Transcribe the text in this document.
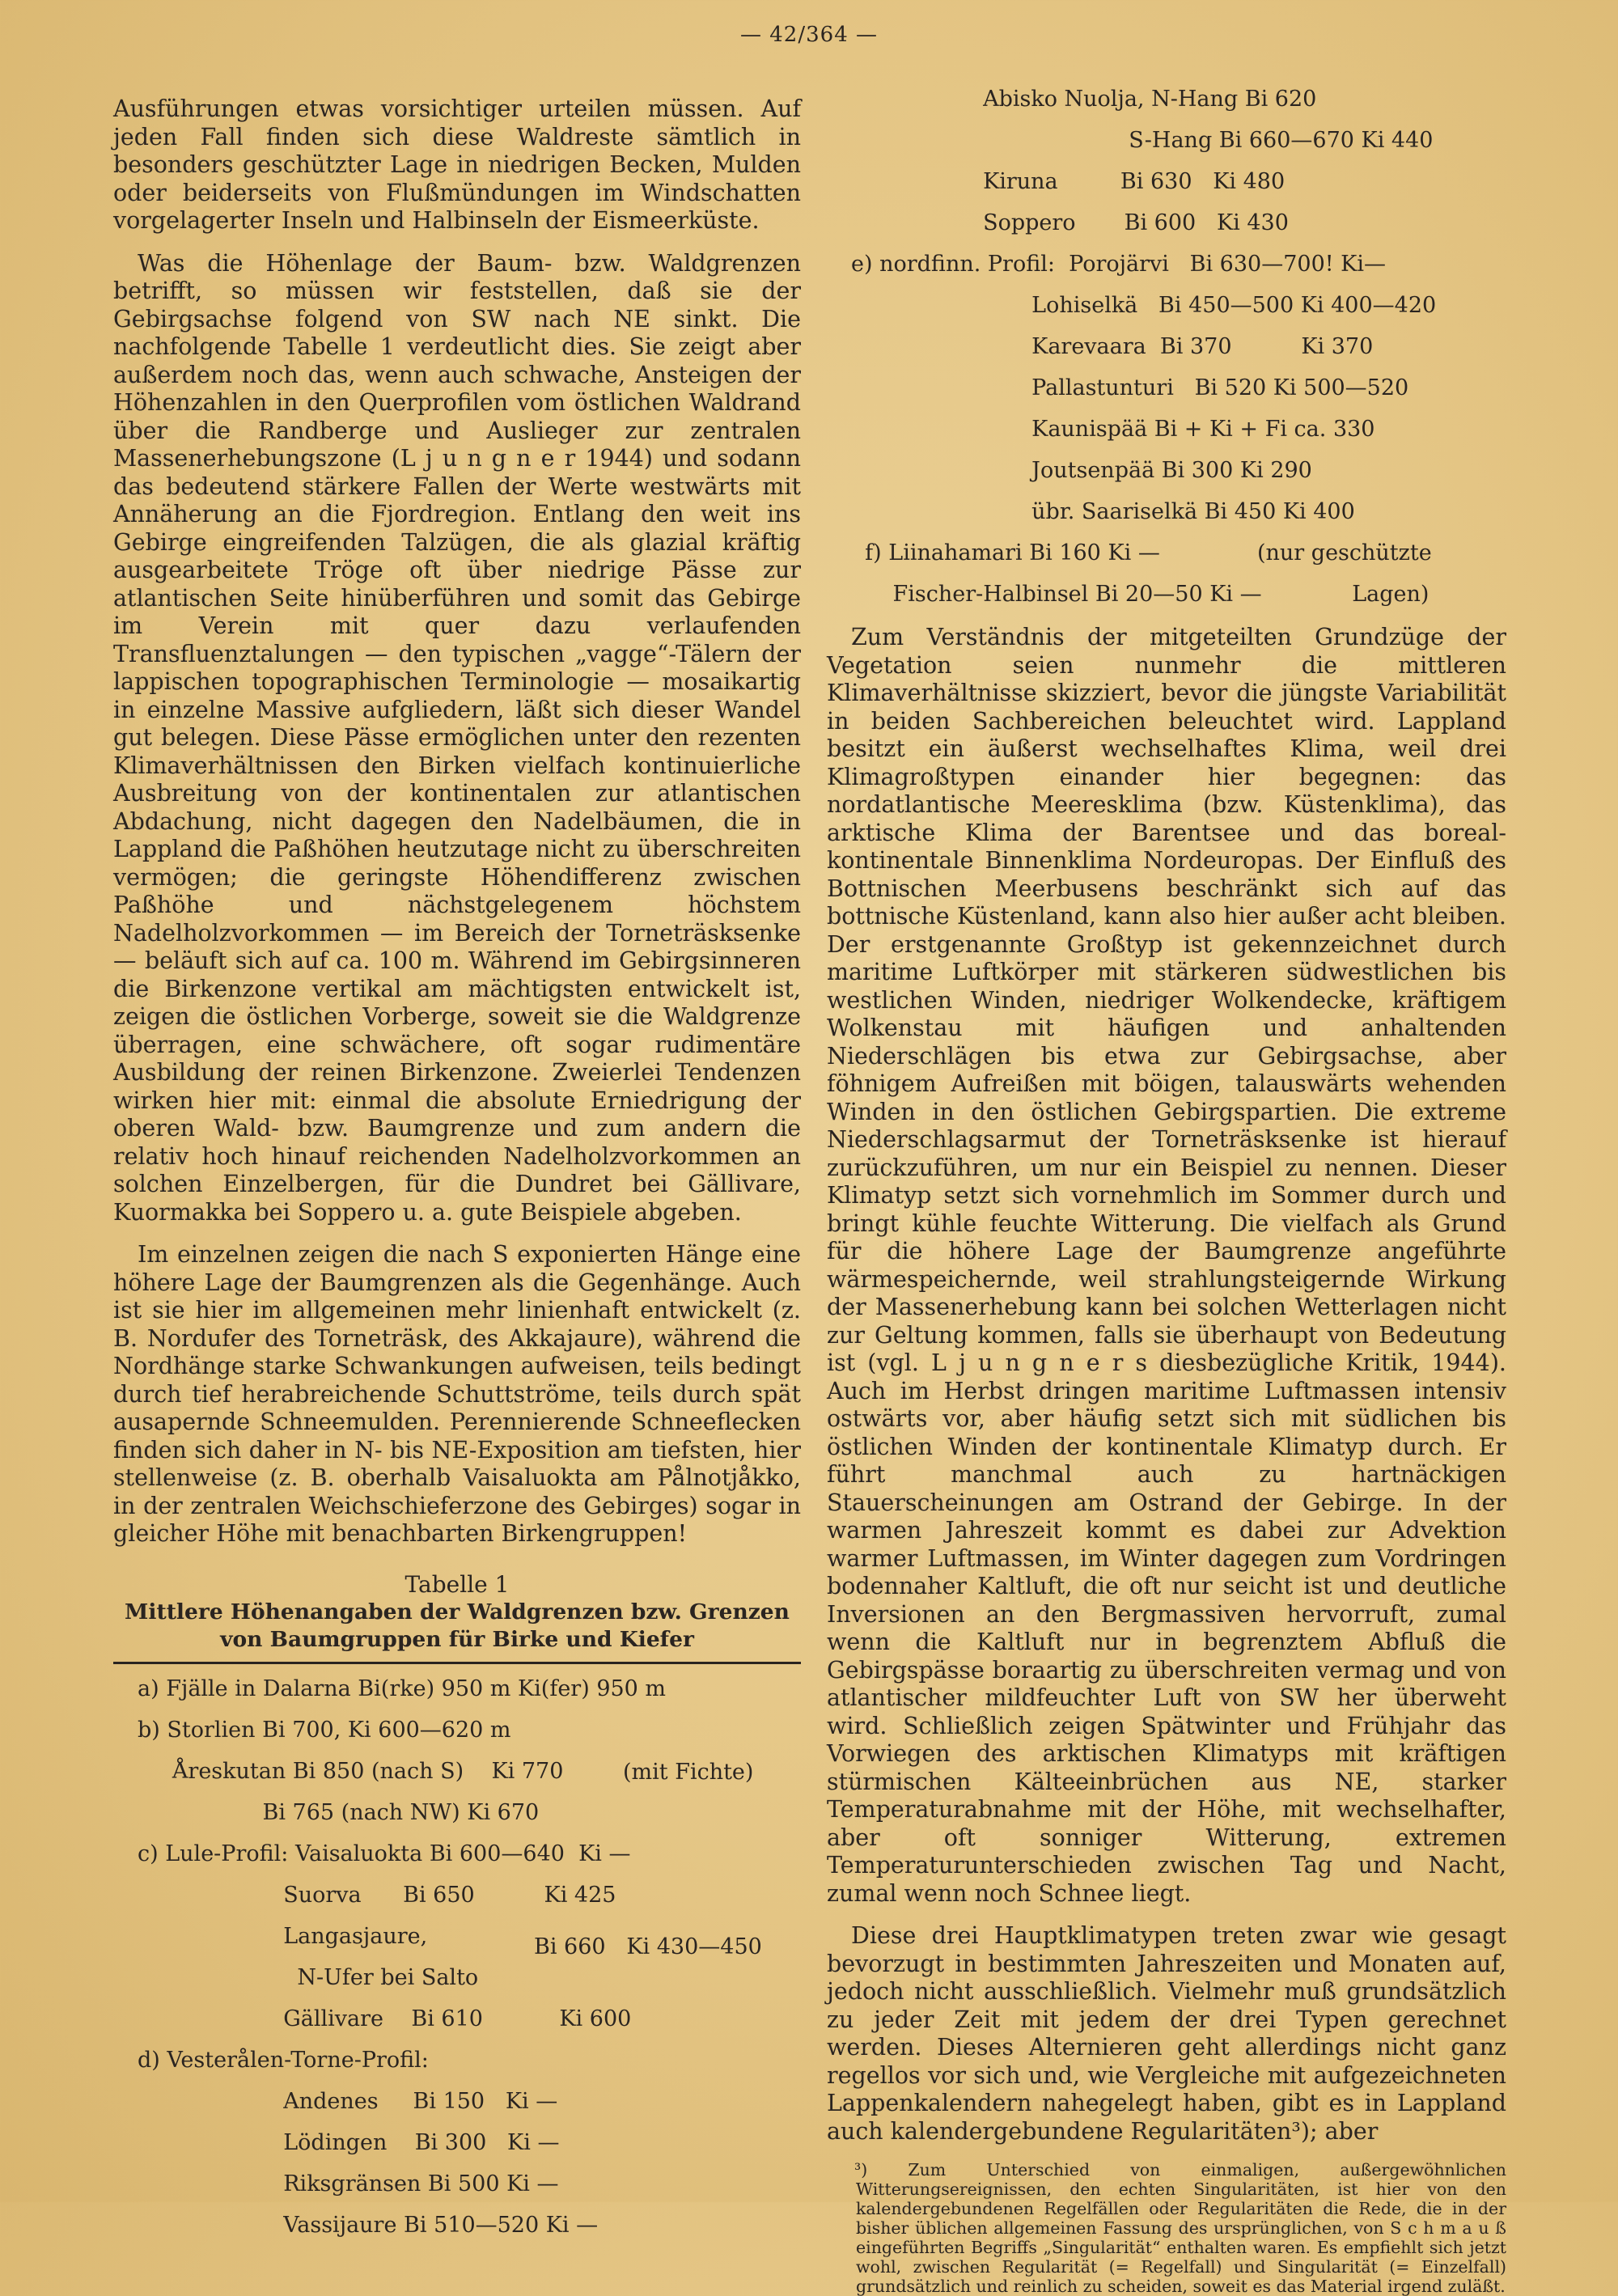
— 42/364 —

Ausführungen etwas vorsichtiger urteilen müssen. Auf jeden Fall finden sich diese Waldreste sämtlich in besonders geschützter Lage in niedrigen Becken, Mulden oder beiderseits von Flußmündungen im Windschatten vorgelagerter Inseln und Halbinseln der Eismeerküste.

Was die Höhenlage der Baum- bzw. Waldgrenzen betrifft, so müssen wir feststellen, daß sie der Gebirgsachse folgend von SW nach NE sinkt. Die nachfolgende Tabelle 1 verdeutlicht dies. Sie zeigt aber außerdem noch das, wenn auch schwache, Ansteigen der Höhenzahlen in den Querprofilen vom östlichen Waldrand über die Randberge und Auslieger zur zentralen Massenerhebungszone (L j u n g n e r 1944) und sodann das bedeutend stärkere Fallen der Werte westwärts mit Annäherung an die Fjordregion. Entlang den weit ins Gebirge eingreifenden Talzügen, die als glazial kräftig ausgearbeitete Tröge oft über niedrige Pässe zur atlantischen Seite hinüberführen und somit das Gebirge im Verein mit quer dazu verlaufenden Transfluenztalungen — den typischen „vagge“-Tälern der lappischen topographischen Terminologie — mosaikartig in einzelne Massive aufgliedern, läßt sich dieser Wandel gut belegen. Diese Pässe ermöglichen unter den rezenten Klimaverhältnissen den Birken vielfach kontinuierliche Ausbreitung von der kontinentalen zur atlantischen Abdachung, nicht dagegen den Nadelbäumen, die in Lappland die Paßhöhen heutzutage nicht zu überschreiten vermögen; die geringste Höhendifferenz zwischen Paßhöhe und nächstgelegenem höchstem Nadelholzvorkommen — im Bereich der Torneträsksenke — beläuft sich auf ca. 100 m. Während im Gebirgsinneren die Birkenzone vertikal am mächtigsten entwickelt ist, zeigen die östlichen Vorberge, soweit sie die Waldgrenze überragen, eine schwächere, oft sogar rudimentäre Ausbildung der reinen Birkenzone. Zweierlei Tendenzen wirken hier mit: einmal die absolute Erniedrigung der oberen Wald- bzw. Baumgrenze und zum andern die relativ hoch hinauf reichenden Nadelholzvorkommen an solchen Einzelbergen, für die Dundret bei Gällivare, Kuormakka bei Soppero u. a. gute Beispiele abgeben.

Im einzelnen zeigen die nach S exponierten Hänge eine höhere Lage der Baumgrenzen als die Gegenhänge. Auch ist sie hier im allgemeinen mehr linienhaft entwickelt (z. B. Nordufer des Torneträsk, des Akkajaure), während die Nordhänge starke Schwankungen aufweisen, teils bedingt durch tief herabreichende Schuttströme, teils durch spät ausapernde Schneemulden. Perennierende Schneeflecken finden sich daher in N- bis NE-Exposition am tiefsten, hier stellenweise (z. B. oberhalb Vaisaluokta am Pålnotjåkko, in der zentralen Weichschieferzone des Gebirges) sogar in gleicher Höhe mit benachbarten Birkengruppen!

Tabelle 1
Mittlere Höhenangaben der Waldgrenzen bzw. Grenzen
von Baumgruppen für Birke und Kiefer

a) Fjälle in Dalarna Bi(rke) 950 m Ki(fer) 950 m

b) Storlien Bi 700, Ki 600—620 m

Åreskutan Bi 850 (nach S)    Ki 770

Bi 765 (nach NW) Ki 670

(mit Fichte)

c) Lule-Profil: Vaisaluokta Bi 600—640  Ki —

Suorva      Bi 650          Ki 425

Langasjaure,

N-Ufer bei Salto

Bi 660   Ki 430—450

Gällivare    Bi 610           Ki 600

d) Vesterålen-Torne-Profil:

Andenes     Bi 150   Ki —

Lödingen    Bi 300   Ki —

Riksgränsen Bi 500 Ki —

Vassijaure Bi 510—520 Ki —

Abisko Nuolja, N-Hang Bi 620

S-Hang Bi 660—670 Ki 440

Kiruna         Bi 630   Ki 480

Soppero       Bi 600   Ki 430

e) nordfinn. Profil:  Porojärvi   Bi 630—700! Ki—

Lohiselkä   Bi 450—500 Ki 400—420

Karevaara  Bi 370          Ki 370

Pallastunturi   Bi 520 Ki 500—520

Kaunispää Bi + Ki + Fi ca. 330

Joutsenpää Bi 300 Ki 290

übr. Saariselkä Bi 450 Ki 400

f) Liinahamari Bi 160 Ki —              (nur geschützte

Fischer-Halbinsel Bi 20—50 Ki —             Lagen)

Zum Verständnis der mitgeteilten Grundzüge der Vegetation seien nunmehr die mittleren Klimaverhältnisse skizziert, bevor die jüngste Variabilität in beiden Sachbereichen beleuchtet wird. Lappland besitzt ein äußerst wechselhaftes Klima, weil drei Klimagroßtypen einander hier begegnen: das nordatlantische Meeresklima (bzw. Küstenklima), das arktische Klima der Barentsee und das boreal-kontinentale Binnenklima Nordeuropas. Der Einfluß des Bottnischen Meerbusens beschränkt sich auf das bottnische Küstenland, kann also hier außer acht bleiben. Der erstgenannte Großtyp ist gekennzeichnet durch maritime Luftkörper mit stärkeren südwestlichen bis westlichen Winden, niedriger Wolkendecke, kräftigem Wolkenstau mit häufigen und anhaltenden Niederschlägen bis etwa zur Gebirgsachse, aber föhnigem Aufreißen mit böigen, talauswärts wehenden Winden in den östlichen Gebirgspartien. Die extreme Niederschlagsarmut der Torneträsksenke ist hierauf zurückzuführen, um nur ein Beispiel zu nennen. Dieser Klimatyp setzt sich vornehmlich im Sommer durch und bringt kühle feuchte Witterung. Die vielfach als Grund für die höhere Lage der Baumgrenze angeführte wärmespeichernde, weil strahlungsteigernde Wirkung der Massenerhebung kann bei solchen Wetterlagen nicht zur Geltung kommen, falls sie überhaupt von Bedeutung ist (vgl. L j u n g n e r s diesbezügliche Kritik, 1944). Auch im Herbst dringen maritime Luftmassen intensiv ostwärts vor, aber häufig setzt sich mit südlichen bis östlichen Winden der kontinentale Klimatyp durch. Er führt manchmal auch zu hartnäckigen Stauerscheinungen am Ostrand der Gebirge. In der warmen Jahreszeit kommt es dabei zur Advektion warmer Luftmassen, im Winter dagegen zum Vordringen bodennaher Kaltluft, die oft nur seicht ist und deutliche Inversionen an den Bergmassiven hervorruft, zumal wenn die Kaltluft nur in begrenztem Abfluß die Gebirgspässe boraartig zu überschreiten vermag und von atlantischer mildfeuchter Luft von SW her überweht wird. Schließlich zeigen Spätwinter und Frühjahr das Vorwiegen des arktischen Klimatyps mit kräftigen stürmischen Kälteeinbrüchen aus NE, starker Temperaturabnahme mit der Höhe, mit wechselhafter, aber oft sonniger Witterung, extremen Temperaturunterschieden zwischen Tag und Nacht, zumal wenn noch Schnee liegt.

Diese drei Hauptklimatypen treten zwar wie gesagt bevorzugt in bestimmten Jahreszeiten und Monaten auf, jedoch nicht ausschließlich. Vielmehr muß grundsätzlich zu jeder Zeit mit jedem der drei Typen gerechnet werden. Dieses Alternieren geht allerdings nicht ganz regellos vor sich und, wie Vergleiche mit aufgezeichneten Lappenkalendern nahegelegt haben, gibt es in Lappland auch kalendergebundene Regularitäten³); aber

³) Zum Unterschied von einmaligen, außergewöhnlichen Witterungsereignissen, den echten Singularitäten, ist hier von den kalendergebundenen Regelfällen oder Regularitäten die Rede, die in der bisher üblichen allgemeinen Fassung des ursprünglichen, von S c h m a u ß eingeführten Begriffs „Singularität“ enthalten waren. Es empfiehlt sich jetzt wohl, zwischen Regularität (= Regelfall) und Singularität (= Einzelfall) grundsätzlich und reinlich zu scheiden, soweit es das Material irgend zuläßt.
